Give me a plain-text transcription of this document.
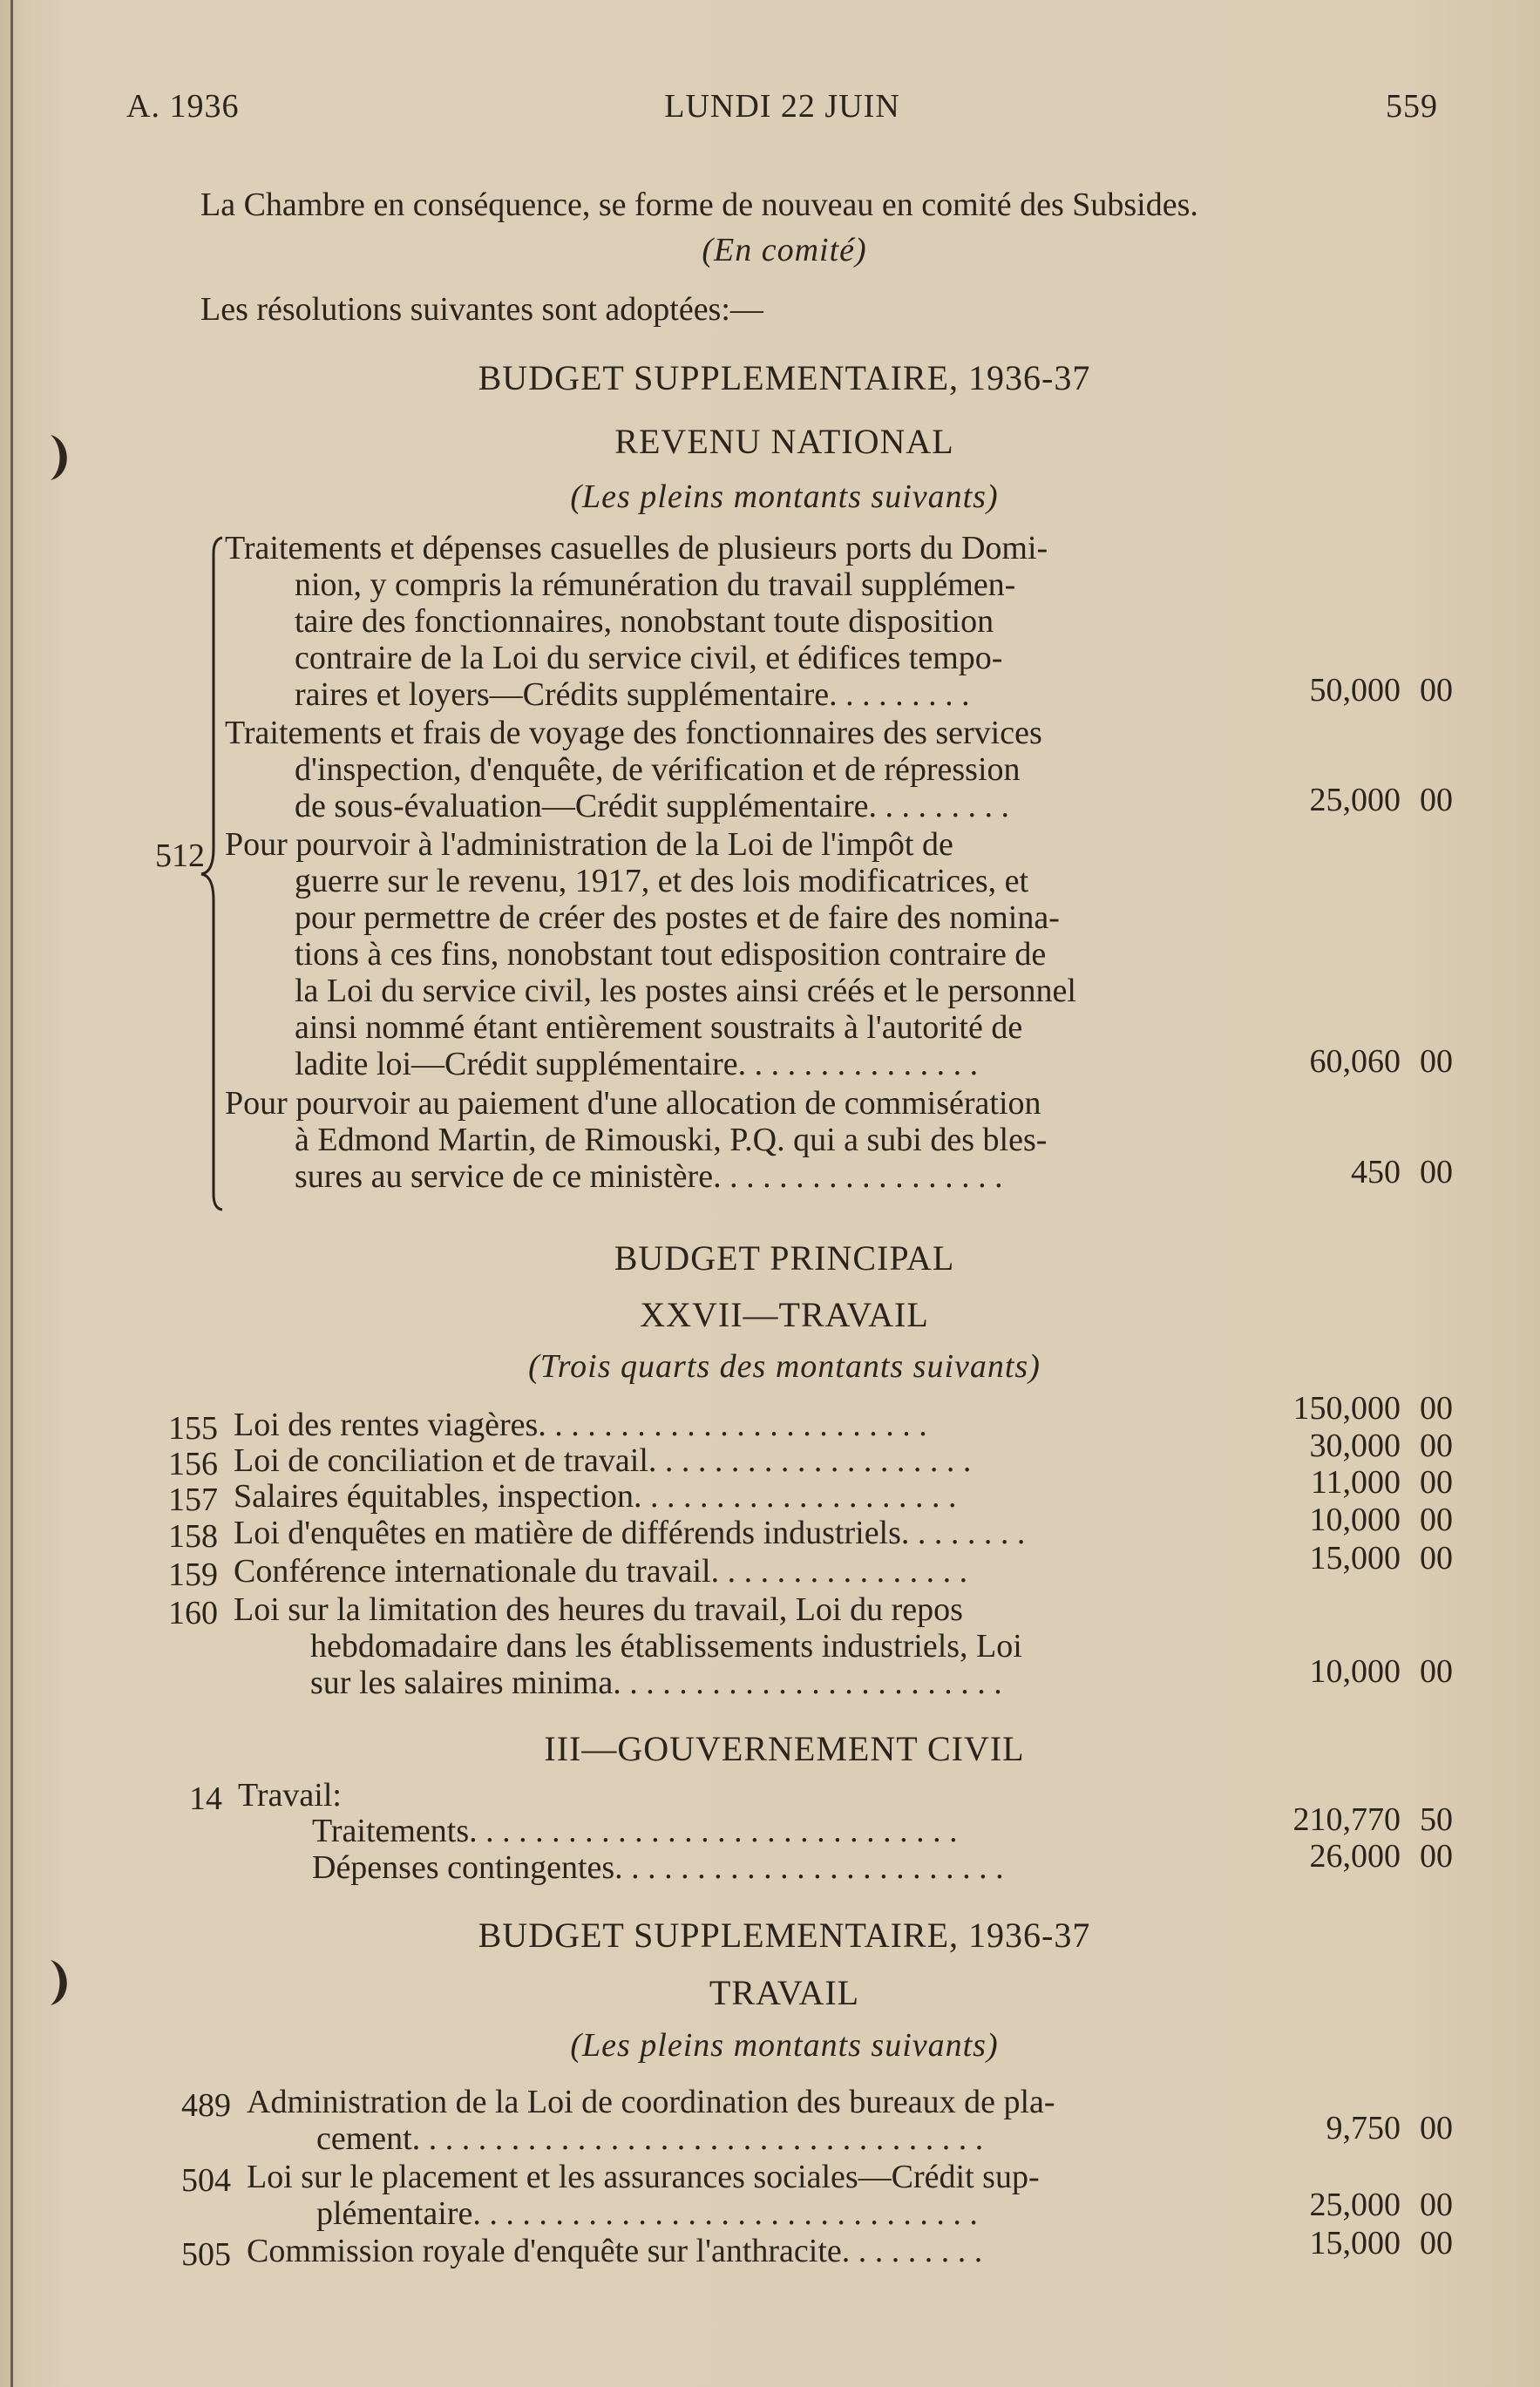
A. 1936	LUNDI 22 JUIN	559
La Chambre en conséquence, se forme de nouveau en comité des Subsides.
(En comité)
Les résolutions suivantes sont adoptées:—
BUDGET SUPPLEMENTAIRE, 1936-37
REVENU NATIONAL
(Les pleins montants suivants)
512
Traitements et dépenses casuelles de plusieurs ports du Domi-
nion, y compris la rémunération du travail supplémen-
taire des fonctionnaires, nonobstant toute disposition
contraire de la Loi du service civil, et édifices tempo-
raires et loyers—Crédits supplémentaire. . . . . . . . .	50,000 00
Traitements et frais de voyage des fonctionnaires des services
d'inspection, d'enquête, de vérification et de répression
de sous-évaluation—Crédit supplémentaire. . . . . . . . .	25,000 00
Pour pourvoir à l'administration de la Loi de l'impôt de
guerre sur le revenu, 1917, et des lois modificatrices, et
pour permettre de créer des postes et de faire des nomina-
tions à ces fins, nonobstant tout edisposition contraire de
la Loi du service civil, les postes ainsi créés et le personnel
ainsi nommé étant entièrement soustraits à l'autorité de
ladite loi—Crédit supplémentaire. . . . . . . . . . . . . . .	60,060 00
Pour pourvoir au paiement d'une allocation de commisération
à Edmond Martin, de Rimouski, P.Q. qui a subi des bles-
sures au service de ce ministère. . . . . . . . . . . . . . . . . .	450 00
BUDGET PRINCIPAL
XXVII—TRAVAIL
(Trois quarts des montants suivants)
155 Loi des rentes viagères. . . . . . . . . . . . . . . . . . . . . . . .	150,000 00
156 Loi de conciliation et de travail. . . . . . . . . . . . . . . . . . . .	30,000 00
157 Salaires équitables, inspection. . . . . . . . . . . . . . . . . . . .	11,000 00
158 Loi d'enquêtes en matière de différends industriels. . . . . . . .	10,000 00
159 Conférence internationale du travail. . . . . . . . . . . . . . . .	15,000 00
160 Loi sur la limitation des heures du travail, Loi du repos
hebdomadaire dans les établissements industriels, Loi
sur les salaires minima. . . . . . . . . . . . . . . . . . . . . . . .	10,000 00
III—GOUVERNEMENT CIVIL
14 Travail:
Traitements. . . . . . . . . . . . . . . . . . . . . . . . . . . . . .	210,770 50
Dépenses contingentes. . . . . . . . . . . . . . . . . . . . . . . .	26,000 00
BUDGET SUPPLEMENTAIRE, 1936-37
TRAVAIL
(Les pleins montants suivants)
489 Administration de la Loi de coordination des bureaux de pla-
cement. . . . . . . . . . . . . . . . . . . . . . . . . . . . . . . . . . .	9,750 00
504 Loi sur le placement et les assurances sociales—Crédit sup-
plémentaire. . . . . . . . . . . . . . . . . . . . . . . . . . . . . . .	25,000 00
505 Commission royale d'enquête sur l'anthracite. . . . . . . . .	15,000 00
